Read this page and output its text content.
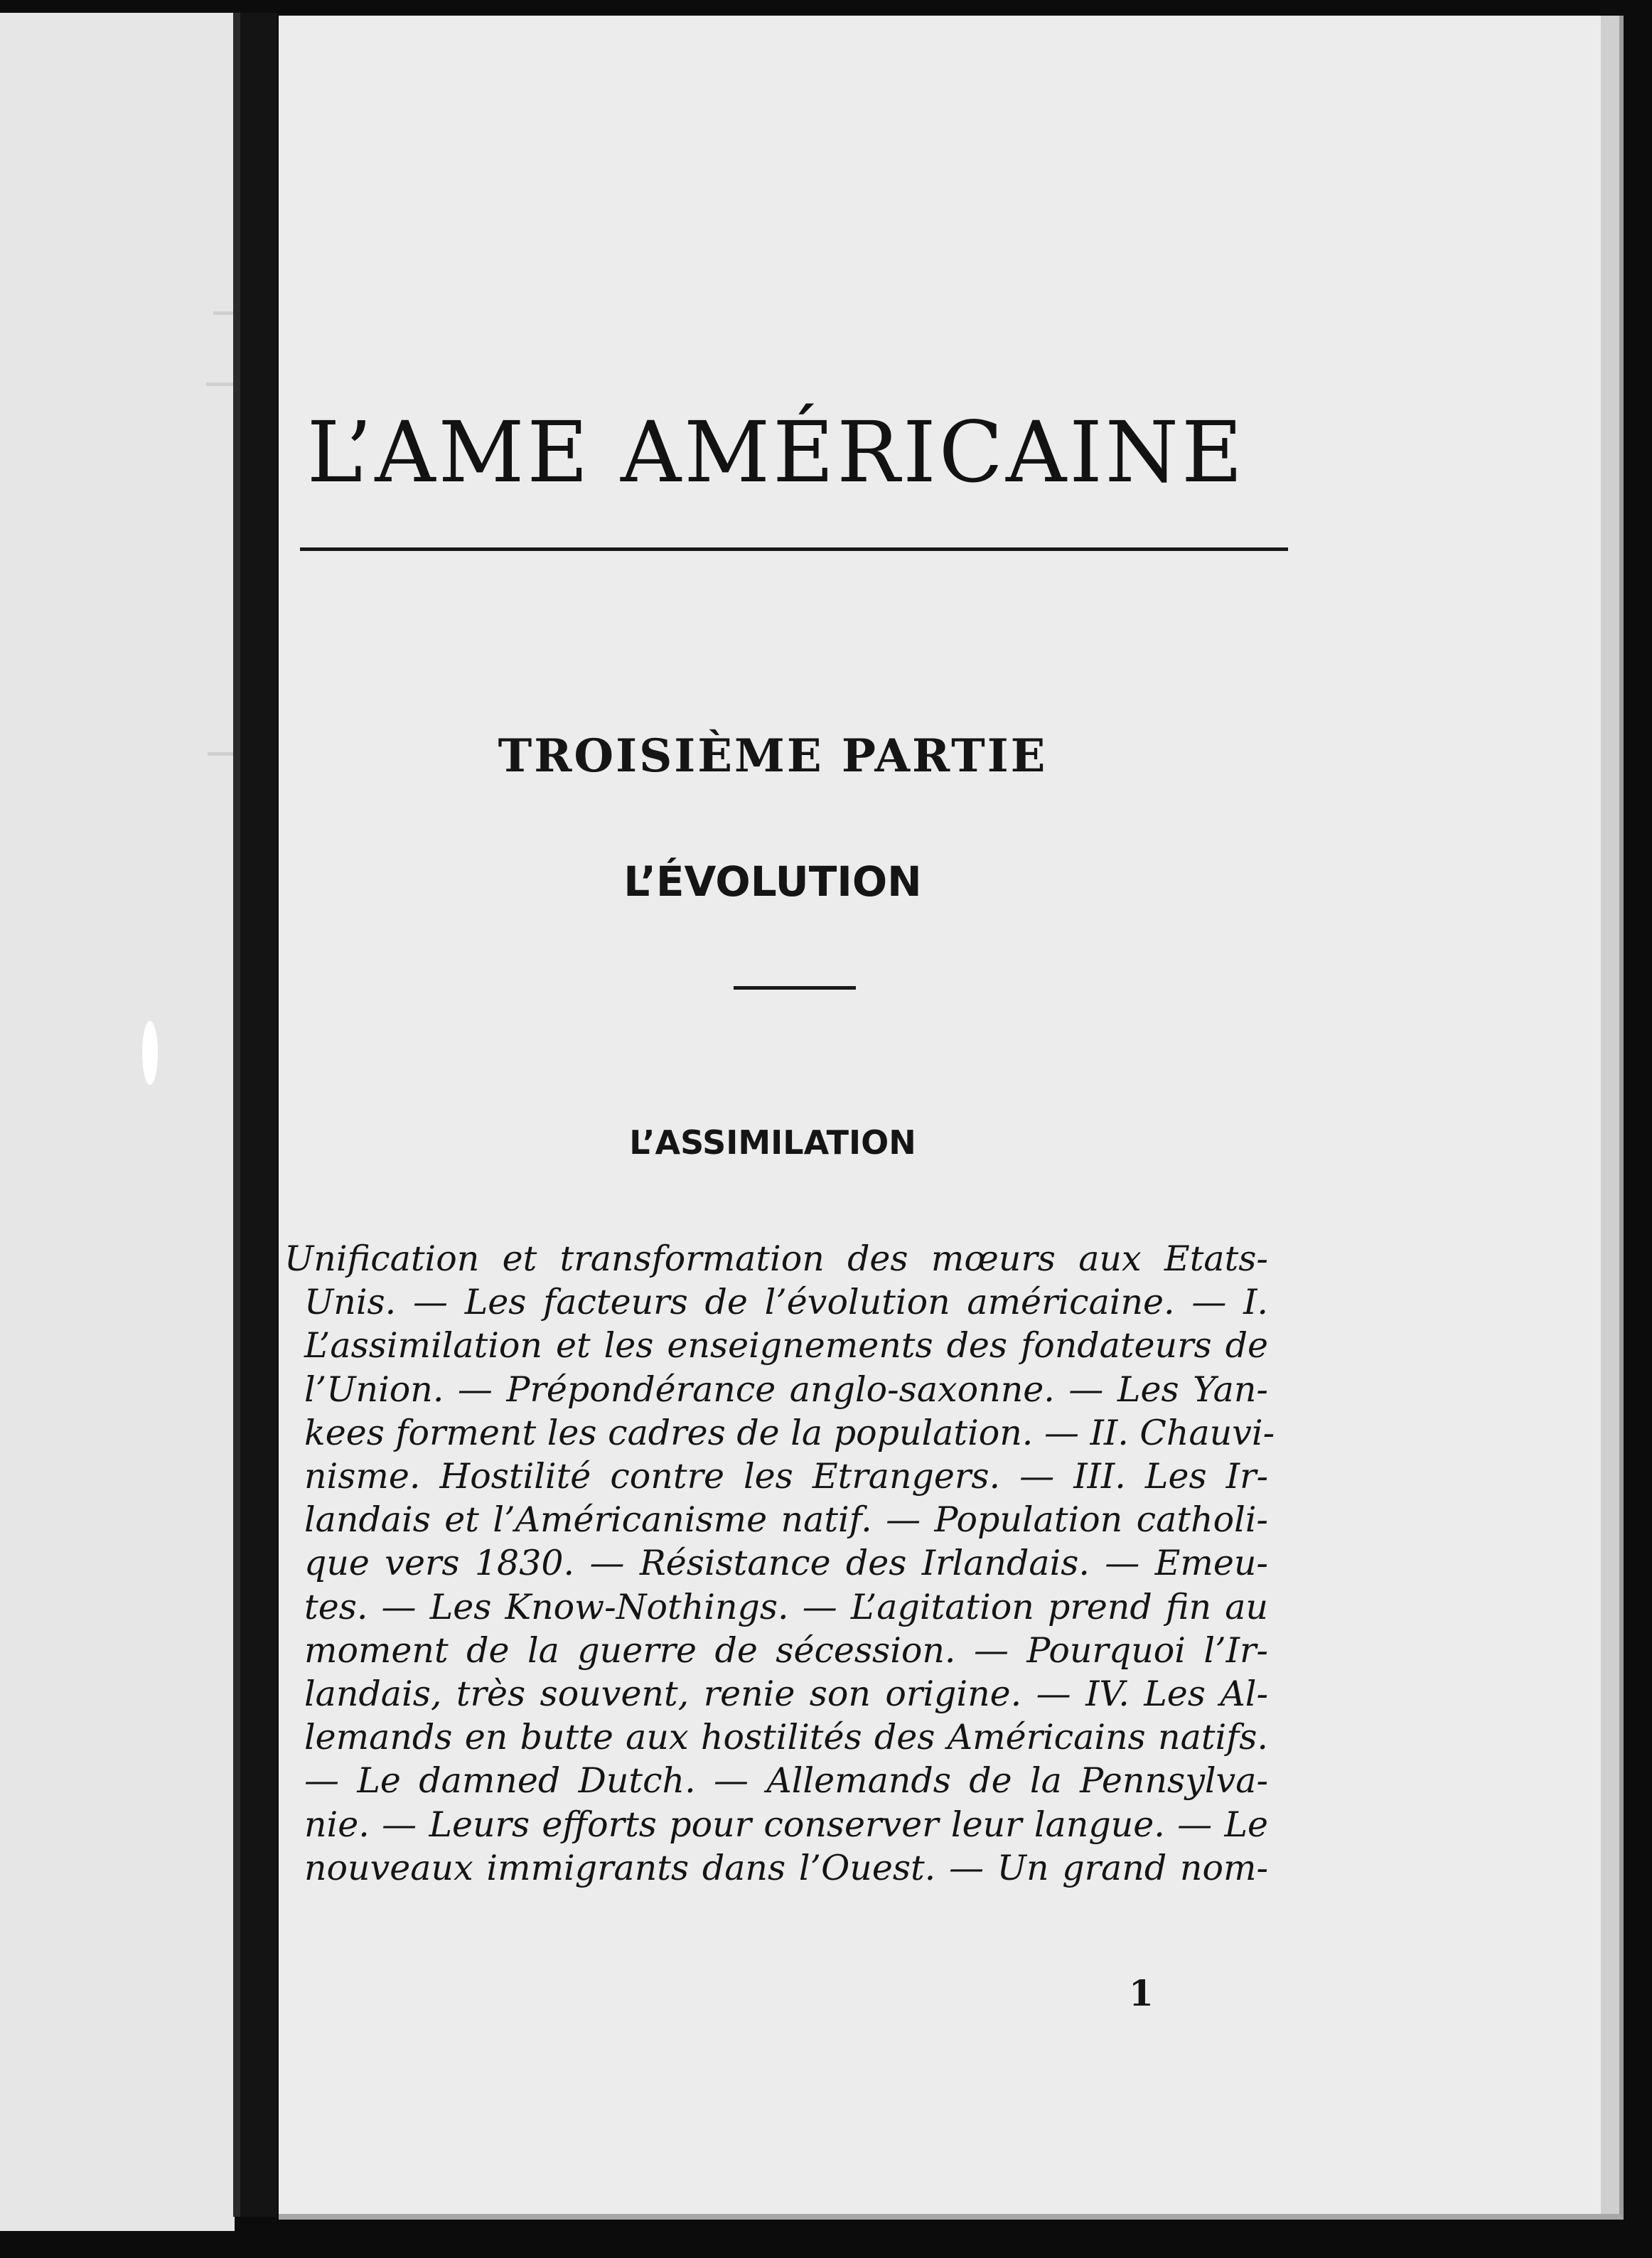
L’AME AMÉRICAINE
TROISIÈME PARTIE
L’ÉVOLUTION
L’ASSIMILATION
Unification et transformation des mœurs aux Etats-
Unis. — Les facteurs de l’évolution américaine. — I.
L’assimilation et les enseignements des fondateurs de
l’Union. — Prépondérance anglo-saxonne. — Les Yan-
kees forment les cadres de la population. — II. Chauvi-
nisme. Hostilité contre les Etrangers. — III. Les Ir-
landais et l’Américanisme natif. — Population catholi-
que vers 1830. — Résistance des Irlandais. — Emeu-
tes. — Les Know-Nothings. — L’agitation prend fin au
moment de la guerre de sécession. — Pourquoi l’Ir-
landais, très souvent, renie son origine. — IV. Les Al-
lemands en butte aux hostilités des Américains natifs.
— Le damned Dutch. — Allemands de la Pennsylva-
nie. — Leurs efforts pour conserver leur langue. — Le
nouveaux immigrants dans l’Ouest. — Un grand nom-
1
